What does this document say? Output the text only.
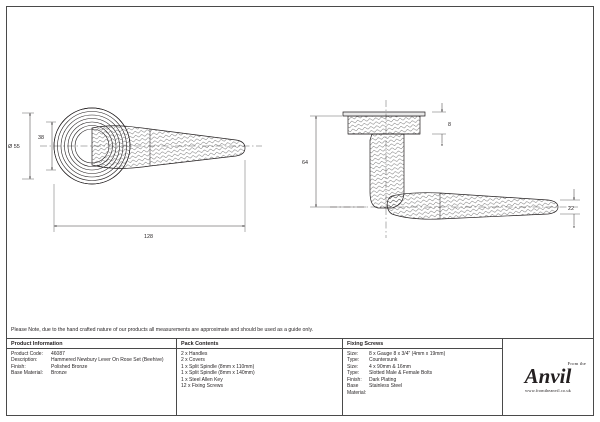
Ø 55
38
128
8
64
22
Please Note, due to the hand crafted nature of our products all measurements are approximate and should be used as a guide only.
Product Information
Product Code:	46087
Description:	Hammered Newbury Lever On Rose Set (Beehive)
Finish:	Polished Bronze
Base Material:	Bronze
Pack Contents
2 x Handles
2 x Covers
1 x Split Spindle (8mm x 110mm)
1 x Split Spindle (8mm x 140mm)
1 x Steel Allen Key
12 x Fixing Screws
Fixing Screws
Size:	8 x Gauge 8 x 3/4" (4mm x 19mm)
Type:	Countersunk
Size:	4 x 90mm & 16mm
Type:	Slotted Male & Female Bolts
Finish:	Dark Plating
Base Material:
Stainless Steel
From the
Anvil
www.fromtheanvil.co.uk
